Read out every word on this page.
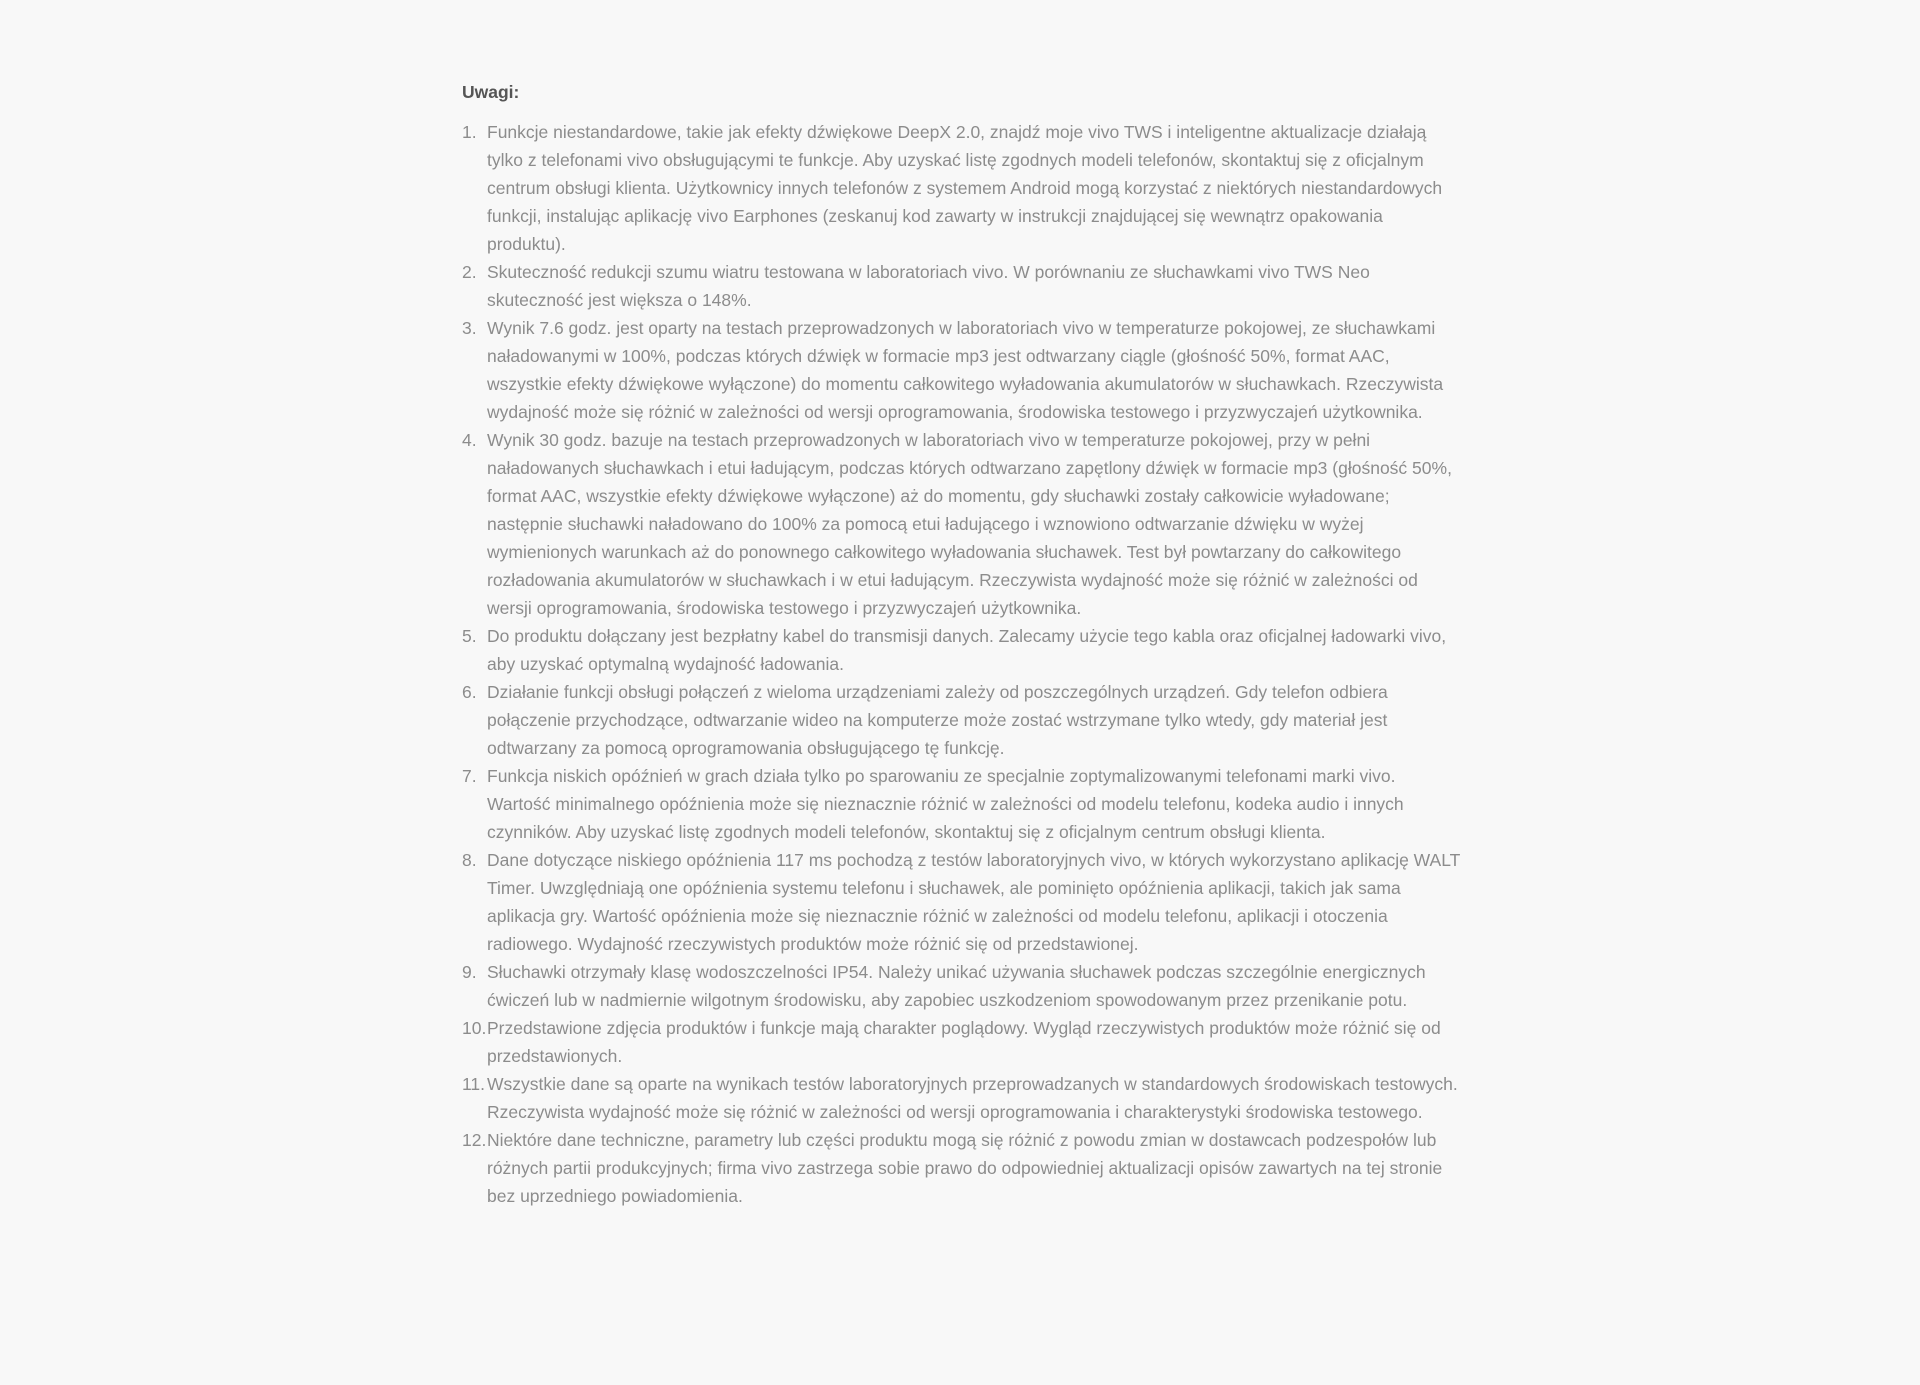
Uwagi:
1. Funkcje niestandardowe, takie jak efekty dźwiękowe DeepX 2.0, znajdź moje vivo TWS i inteligentne aktualizacje działają tylko z telefonami vivo obsługującymi te funkcje. Aby uzyskać listę zgodnych modeli telefonów, skontaktuj się z oficjalnym centrum obsługi klienta. Użytkownicy innych telefonów z systemem Android mogą korzystać z niektórych niestandardowych funkcji, instalując aplikację vivo Earphones (zeskanuj kod zawarty w instrukcji znajdującej się wewnątrz opakowania produktu).
2. Skuteczność redukcji szumu wiatru testowana w laboratoriach vivo. W porównaniu ze słuchawkami vivo TWS Neo skuteczność jest większa o 148%.
3. Wynik 7.6 godz. jest oparty na testach przeprowadzonych w laboratoriach vivo w temperaturze pokojowej, ze słuchawkami naładowanymi w 100%, podczas których dźwięk w formacie mp3 jest odtwarzany ciągle (głośność 50%, format AAC, wszystkie efekty dźwiękowe wyłączone) do momentu całkowitego wyładowania akumulatorów w słuchawkach. Rzeczywista wydajność może się różnić w zależności od wersji oprogramowania, środowiska testowego i przyzwyczajeń użytkownika.
4. Wynik 30 godz. bazuje na testach przeprowadzonych w laboratoriach vivo w temperaturze pokojowej, przy w pełni naładowanych słuchawkach i etui ładującym, podczas których odtwarzano zapętlony dźwięk w formacie mp3 (głośność 50%, format AAC, wszystkie efekty dźwiękowe wyłączone) aż do momentu, gdy słuchawki zostały całkowicie wyładowane; następnie słuchawki naładowano do 100% za pomocą etui ładującego i wznowiono odtwarzanie dźwięku w wyżej wymienionych warunkach aż do ponownego całkowitego wyładowania słuchawek. Test był powtarzany do całkowitego rozładowania akumulatorów w słuchawkach i w etui ładującym. Rzeczywista wydajność może się różnić w zależności od wersji oprogramowania, środowiska testowego i przyzwyczajeń użytkownika.
5. Do produktu dołączany jest bezpłatny kabel do transmisji danych. Zalecamy użycie tego kabla oraz oficjalnej ładowarki vivo, aby uzyskać optymalną wydajność ładowania.
6. Działanie funkcji obsługi połączeń z wieloma urządzeniami zależy od poszczególnych urządzeń. Gdy telefon odbiera połączenie przychodzące, odtwarzanie wideo na komputerze może zostać wstrzymane tylko wtedy, gdy materiał jest odtwarzany za pomocą oprogramowania obsługującego tę funkcję.
7. Funkcja niskich opóźnień w grach działa tylko po sparowaniu ze specjalnie zoptymalizowanymi telefonami marki vivo. Wartość minimalnego opóźnienia może się nieznacznie różnić w zależności od modelu telefonu, kodeka audio i innych czynników. Aby uzyskać listę zgodnych modeli telefonów, skontaktuj się z oficjalnym centrum obsługi klienta.
8. Dane dotyczące niskiego opóźnienia 117 ms pochodzą z testów laboratoryjnych vivo, w których wykorzystano aplikację WALT Timer. Uwzględniają one opóźnienia systemu telefonu i słuchawek, ale pominięto opóźnienia aplikacji, takich jak sama aplikacja gry. Wartość opóźnienia może się nieznacznie różnić w zależności od modelu telefonu, aplikacji i otoczenia radiowego. Wydajność rzeczywistych produktów może różnić się od przedstawionej.
9. Słuchawki otrzymały klasę wodoszczelności IP54. Należy unikać używania słuchawek podczas szczególnie energicznych ćwiczeń lub w nadmiernie wilgotnym środowisku, aby zapobiec uszkodzeniom spowodowanym przez przenikanie potu.
10. Przedstawione zdjęcia produktów i funkcje mają charakter poglądowy. Wygląd rzeczywistych produktów może różnić się od przedstawionych.
11. Wszystkie dane są oparte na wynikach testów laboratoryjnych przeprowadzanych w standardowych środowiskach testowych. Rzeczywista wydajność może się różnić w zależności od wersji oprogramowania i charakterystyki środowiska testowego.
12. Niektóre dane techniczne, parametry lub części produktu mogą się różnić z powodu zmian w dostawcach podzespołów lub różnych partii produkcyjnych; firma vivo zastrzega sobie prawo do odpowiedniej aktualizacji opisów zawartych na tej stronie bez uprzedniego powiadomienia.
